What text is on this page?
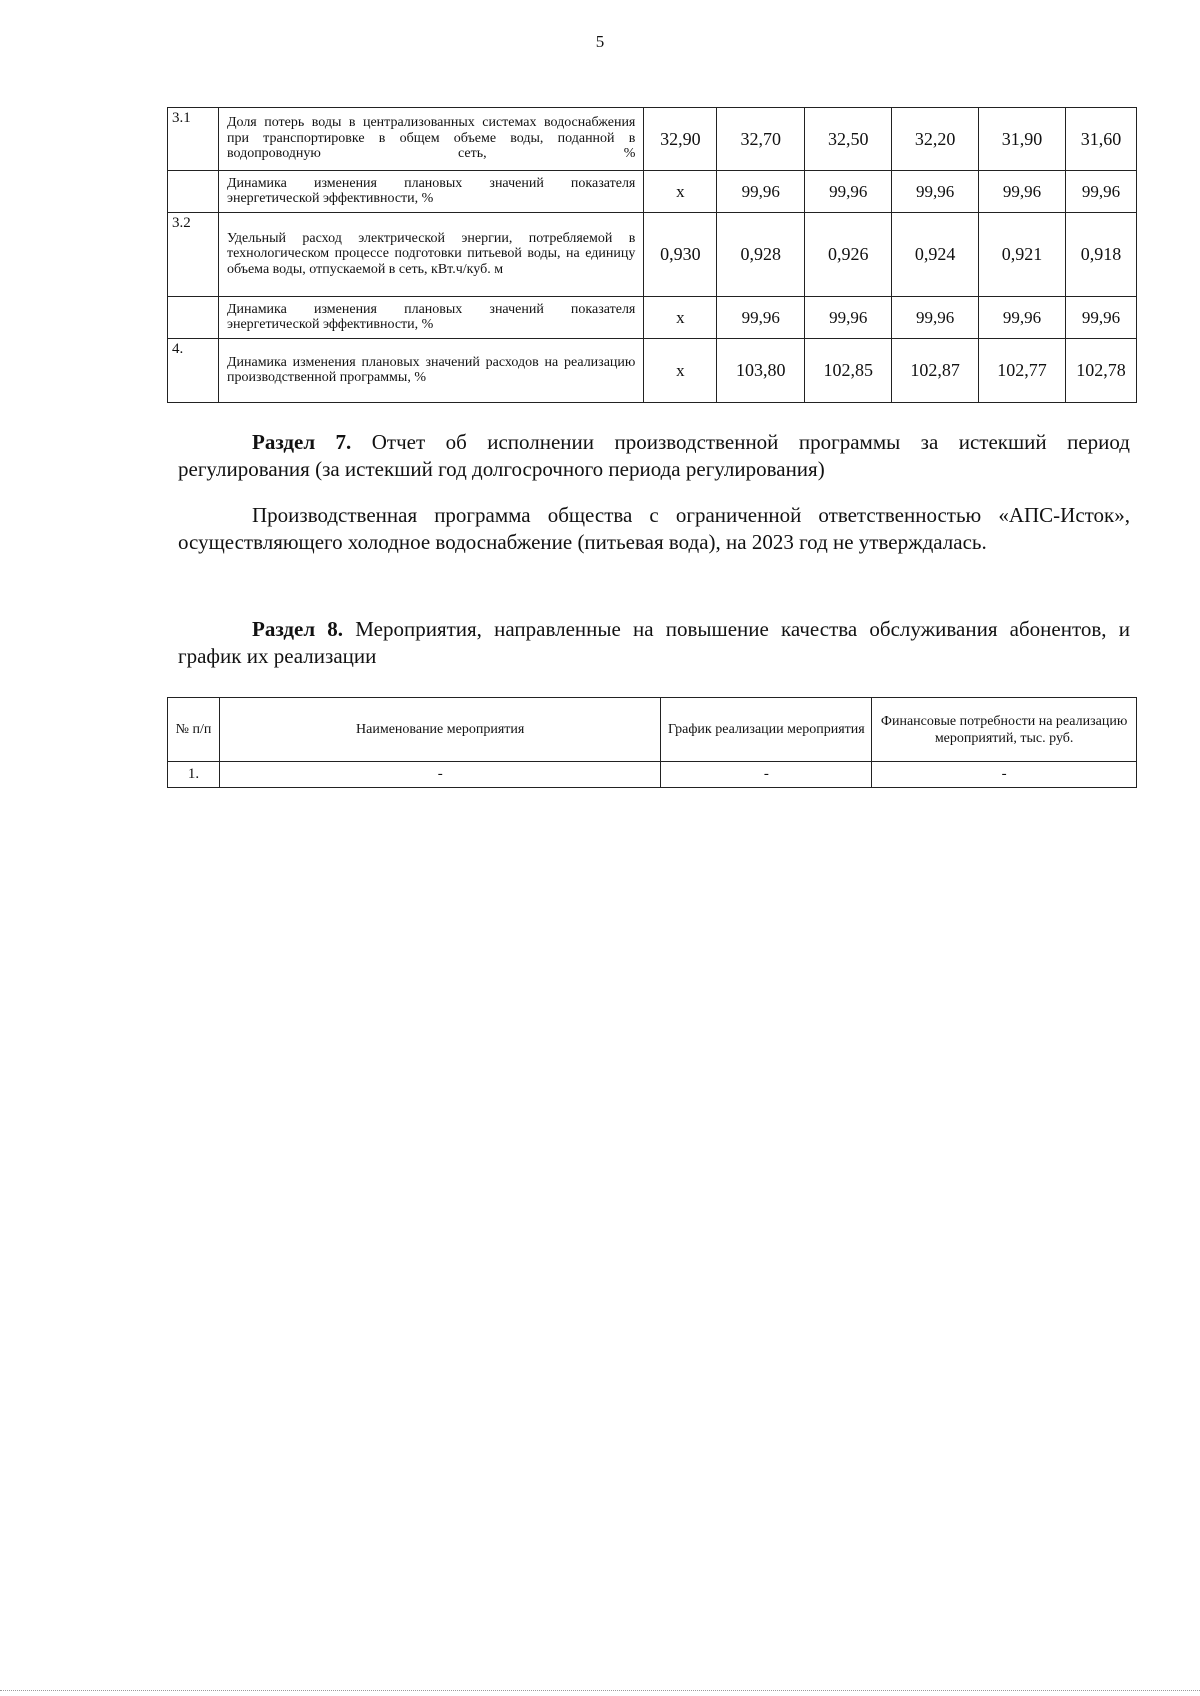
5
3.1	Доля потерь воды в централизованных системах водоснабжения при транспортировке в общем объеме воды, поданной в водопроводную сеть, %	32,90	32,70	32,50	32,20	31,90	31,60
	Динамика изменения плановых значений показателя энергетической эффективности, %	x	99,96	99,96	99,96	99,96	99,96
3.2	Удельный расход электрической энергии, потребляемой в технологическом процессе подготовки питьевой воды, на единицу объема воды, отпускаемой в сеть, кВт.ч/куб. м	0,930	0,928	0,926	0,924	0,921	0,918
	Динамика изменения плановых значений показателя энергетической эффективности, %	x	99,96	99,96	99,96	99,96	99,96
4.	Динамика изменения плановых значений расходов на реализацию производственной программы, %	x	103,80	102,85	102,87	102,77	102,78

Раздел 7. Отчет об исполнении производственной программы за истекший период регулирования (за истекший год долгосрочного периода регулирования)

Производственная программа общества с ограниченной ответственностью «АПС-Исток», осуществляющего холодное водоснабжение (питьевая вода), на 2023 год не утверждалась.

Раздел 8. Мероприятия, направленные на повышение качества обслуживания абонентов, и график их реализации

№ п/п	Наименование мероприятия	График реализации мероприятия	Финансовые потребности на реализацию мероприятий, тыс. руб.
1.	-	-	-
